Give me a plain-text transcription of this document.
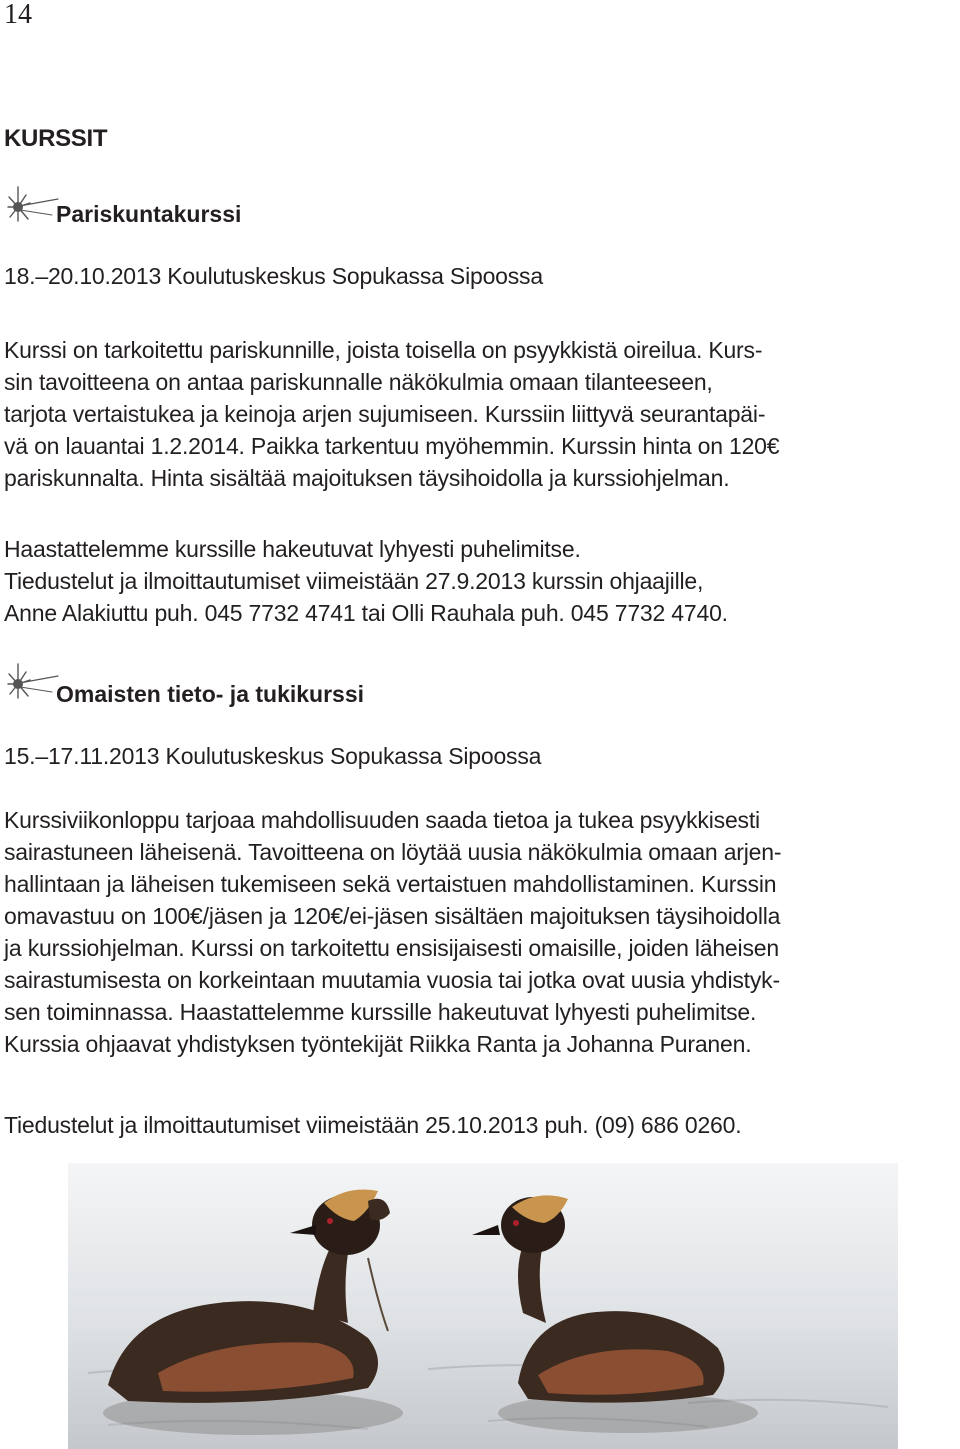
14
KURSSIT
Pariskuntakurssi

18.–20.10.2013 Koulutuskeskus Sopukassa Sipoossa

Kurssi on tarkoitettu pariskunnille, joista toisella on psyykkistä oireilua. Kurs-
sin tavoitteena on antaa pariskunnalle näkökulmia omaan tilanteeseen,
tarjota vertaistukea ja keinoja arjen sujumiseen. Kurssiin liittyvä seurantapäi-
vä on lauantai 1.2.2014. Paikka tarkentuu myöhemmin. Kurssin hinta on 120€
pariskunnalta. Hinta sisältää majoituksen täysihoidolla ja kurssiohjelman.
Haastattelemme kurssille hakeutuvat lyhyesti puhelimitse.
Tiedustelut ja ilmoittautumiset viimeistään 27.9.2013 kurssin ohjaajille,
Anne Alakiuttu puh. 045 7732 4741 tai Olli Rauhala puh. 045 7732 4740.
Omaisten tieto- ja tukikurssi

15.–17.11.2013 Koulutuskeskus Sopukassa Sipoossa

Kurssiviikonloppu tarjoaa mahdollisuuden saada tietoa ja tukea psyykkisesti
sairastuneen läheisenä. Tavoitteena on löytää uusia näkökulmia omaan arjen-
hallintaan ja läheisen tukemiseen sekä vertaistuen mahdollistaminen. Kurssin
omavastuu on 100€/jäsen ja 120€/ei-jäsen sisältäen majoituksen täysihoidolla
ja kurssiohjelman. Kurssi on tarkoitettu ensisijaisesti omaisille, joiden läheisen
sairastumisesta on korkeintaan muutamia vuosia tai jotka ovat uusia yhdistyk-
sen toiminnassa. Haastattelemme kurssille hakeutuvat lyhyesti puhelimitse.
Kurssia ohjaavat yhdistyksen työntekijät Riikka Ranta ja Johanna Puranen.

Tiedustelut ja ilmoittautumiset viimeistään 25.10.2013 puh. (09) 686 0260.
